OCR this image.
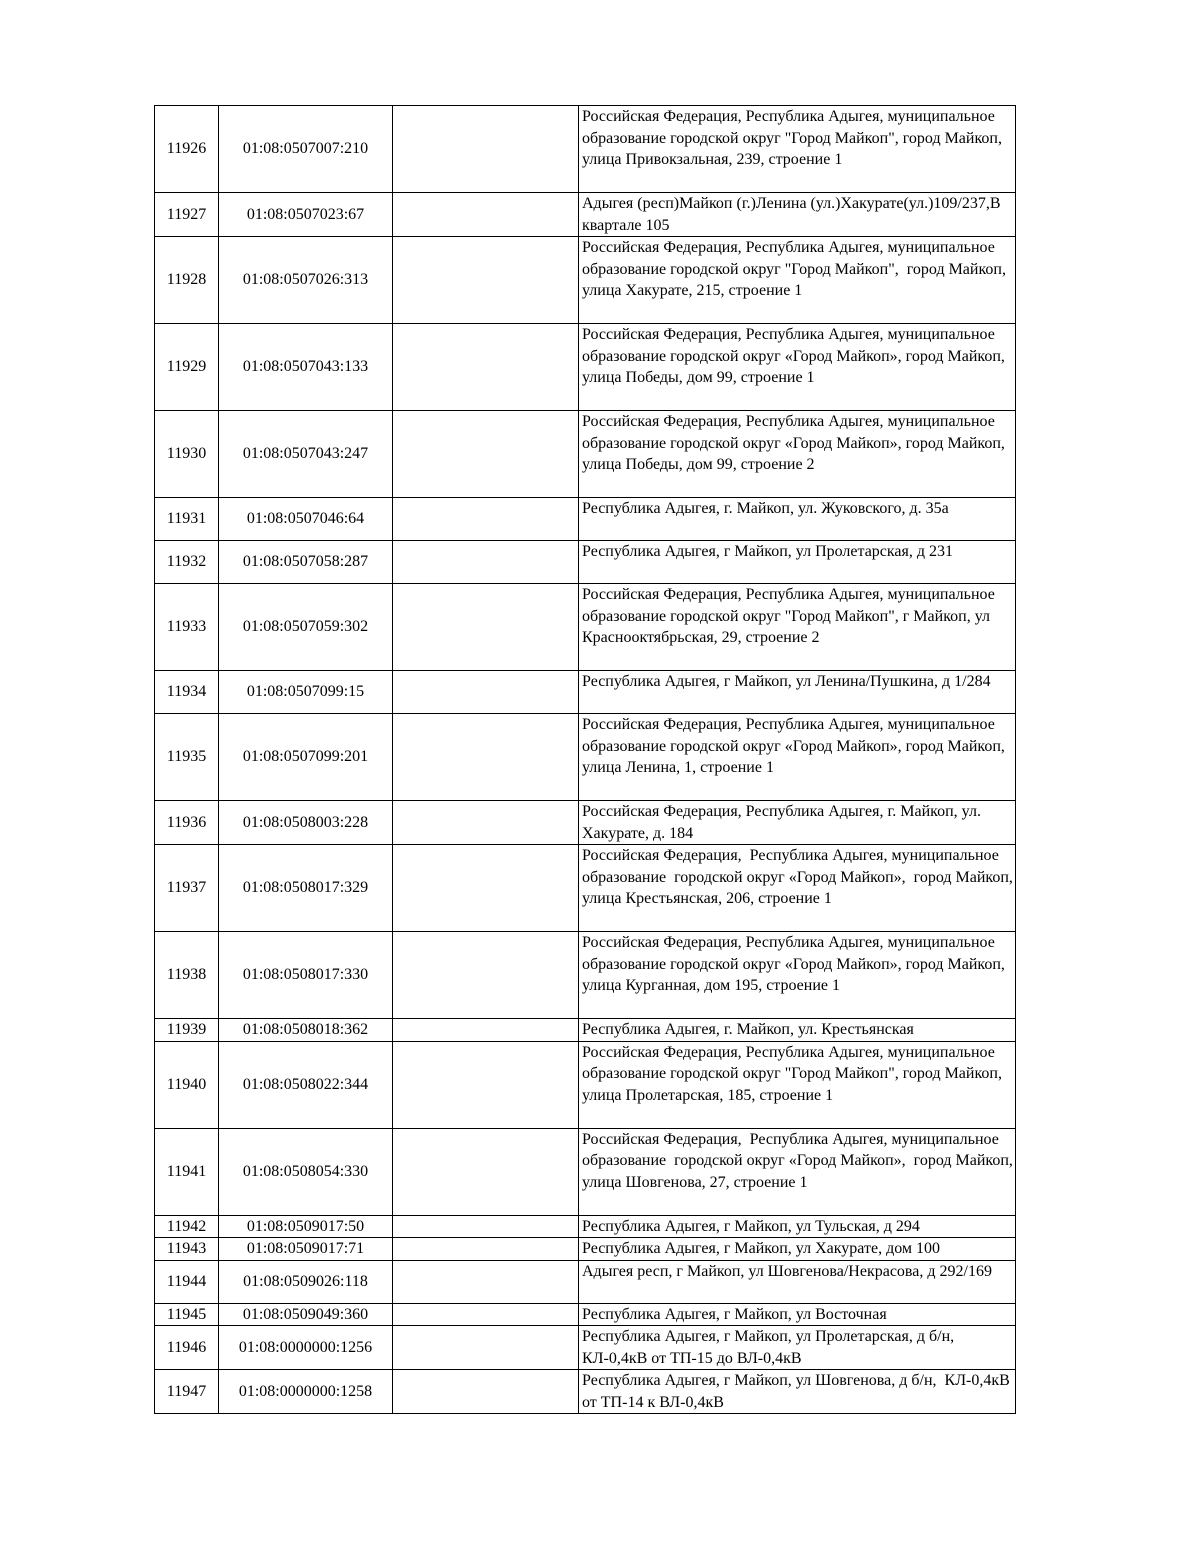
11926	01:08:0507007:210		Российская Федерация, Республика Адыгея, муниципальное образование городской округ "Город Майкоп", город Майкоп, улица Привокзальная, 239, строение 1
11927	01:08:0507023:67		Адыгея (респ)Майкоп (г.)Ленина (ул.)Хакурате(ул.)109/237,В квартале 105
11928	01:08:0507026:313		Российская Федерация, Республика Адыгея, муниципальное образование городской округ "Город Майкоп",  город Майкоп, улица Хакурате, 215, строение 1
11929	01:08:0507043:133		Российская Федерация, Республика Адыгея, муниципальное образование городской округ «Город Майкоп», город Майкоп, улица Победы, дом 99, строение 1
11930	01:08:0507043:247		Российская Федерация, Республика Адыгея, муниципальное образование городской округ «Город Майкоп», город Майкоп, улица Победы, дом 99, строение 2
11931	01:08:0507046:64		Республика Адыгея, г. Майкоп, ул. Жуковского, д. 35а
11932	01:08:0507058:287		Республика Адыгея, г Майкоп, ул Пролетарская, д 231
11933	01:08:0507059:302		Российская Федерация, Республика Адыгея, муниципальное образование городской округ "Город Майкоп", г Майкоп, ул Краснооктябрьская, 29, строение 2
11934	01:08:0507099:15		Республика Адыгея, г Майкоп, ул Ленина/Пушкина, д 1/284
11935	01:08:0507099:201		Российская Федерация, Республика Адыгея, муниципальное образование городской округ «Город Майкоп», город Майкоп, улица Ленина, 1, строение 1
11936	01:08:0508003:228		Российская Федерация, Республика Адыгея, г. Майкоп, ул. Хакурате, д. 184
11937	01:08:0508017:329		Российская Федерация,  Республика Адыгея, муниципальное образование  городской округ «Город Майкоп»,  город Майкоп, улица Крестьянская, 206, строение 1
11938	01:08:0508017:330		Российская Федерация, Республика Адыгея, муниципальное образование городской округ «Город Майкоп», город Майкоп, улица Курганная, дом 195, строение 1
11939	01:08:0508018:362		Республика Адыгея, г. Майкоп, ул. Крестьянская
11940	01:08:0508022:344		Российская Федерация, Республика Адыгея, муниципальное образование городской округ "Город Майкоп", город Майкоп, улица Пролетарская, 185, строение 1
11941	01:08:0508054:330		Российская Федерация,  Республика Адыгея, муниципальное образование  городской округ «Город Майкоп»,  город Майкоп, улица Шовгенова, 27, строение 1
11942	01:08:0509017:50		Республика Адыгея, г Майкоп, ул Тульская, д 294
11943	01:08:0509017:71		Республика Адыгея, г Майкоп, ул Хакурате, дом 100
11944	01:08:0509026:118		Адыгея респ, г Майкоп, ул Шовгенова/Некрасова, д 292/169
11945	01:08:0509049:360		Республика Адыгея, г Майкоп, ул Восточная
11946	01:08:0000000:1256		Республика Адыгея, г Майкоп, ул Пролетарская, д б/н, КЛ-0,4кВ от ТП-15 до ВЛ-0,4кВ
11947	01:08:0000000:1258		Республика Адыгея, г Майкоп, ул Шовгенова, д б/н,  КЛ-0,4кВ от ТП-14 к ВЛ-0,4кВ
